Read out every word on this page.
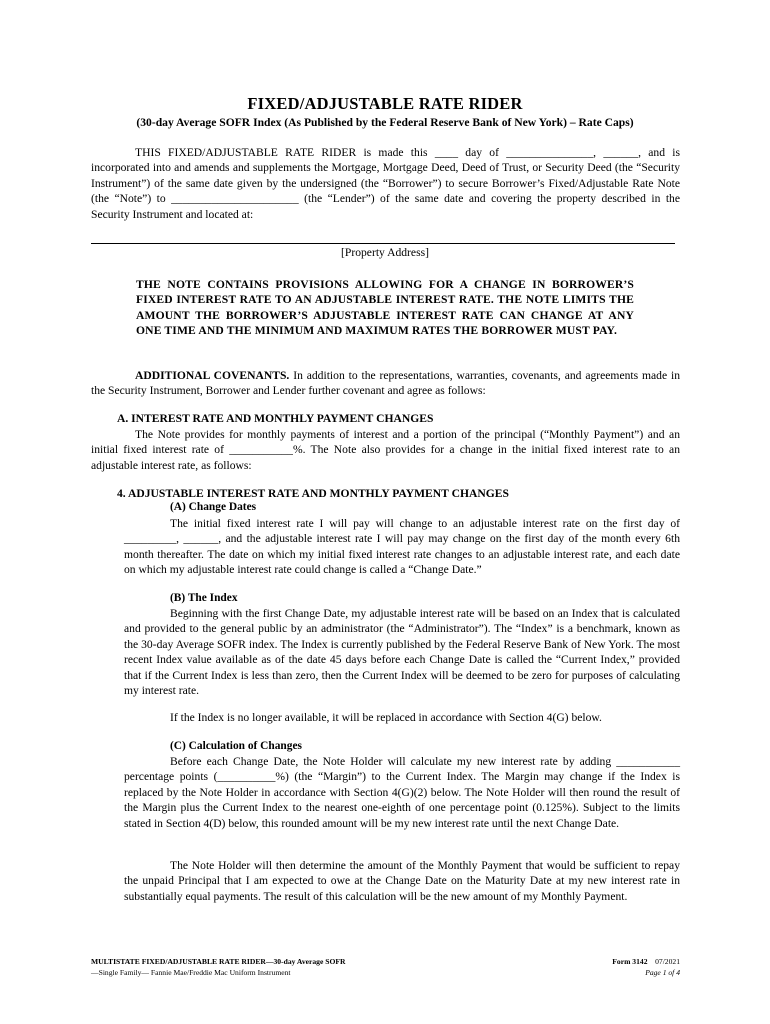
FIXED/ADJUSTABLE RATE RIDER
(30-day Average SOFR Index (As Published by the Federal Reserve Bank of New York) – Rate Caps)

THIS FIXED/ADJUSTABLE RATE RIDER is made this ____ day of _______________, ______, and is incorporated into and amends and supplements the Mortgage, Mortgage Deed, Deed of Trust, or Security Deed (the “Security Instrument”) of the same date given by the undersigned (the “Borrower”) to secure Borrower’s Fixed/Adjustable Rate Note (the “Note”) to ______________________ (the “Lender”) of the same date and covering the property described in the Security Instrument and located at:

[Property Address]

THE NOTE CONTAINS PROVISIONS ALLOWING FOR A CHANGE IN BORROWER’S FIXED INTEREST RATE TO AN ADJUSTABLE INTEREST RATE. THE NOTE LIMITS THE AMOUNT THE BORROWER’S ADJUSTABLE INTEREST RATE CAN CHANGE AT ANY ONE TIME AND THE MINIMUM AND MAXIMUM RATES THE BORROWER MUST PAY.

ADDITIONAL COVENANTS. In addition to the representations, warranties, covenants, and agreements made in the Security Instrument, Borrower and Lender further covenant and agree as follows:

A. INTEREST RATE AND MONTHLY PAYMENT CHANGES

The Note provides for monthly payments of interest and a portion of the principal (“Monthly Payment”) and an initial fixed interest rate of ___________%. The Note also provides for a change in the initial fixed interest rate to an adjustable interest rate, as follows:

4. ADJUSTABLE INTEREST RATE AND MONTHLY PAYMENT CHANGES
(A) Change Dates

The initial fixed interest rate I will pay will change to an adjustable interest rate on the first day of _________, ______, and the adjustable interest rate I will pay may change on the first day of the month every 6th month thereafter. The date on which my initial fixed interest rate changes to an adjustable interest rate, and each date on which my adjustable interest rate could change is called a “Change Date.”

(B) The Index

Beginning with the first Change Date, my adjustable interest rate will be based on an Index that is calculated and provided to the general public by an administrator (the “Administrator”). The “Index” is a benchmark, known as the 30-day Average SOFR index. The Index is currently published by the Federal Reserve Bank of New York. The most recent Index value available as of the date 45 days before each Change Date is called the “Current Index,” provided that if the Current Index is less than zero, then the Current Index will be deemed to be zero for purposes of calculating my interest rate.

If the Index is no longer available, it will be replaced in accordance with Section 4(G) below.

(C) Calculation of Changes

Before each Change Date, the Note Holder will calculate my new interest rate by adding ___________ percentage points (__________%) (the “Margin”) to the Current Index. The Margin may change if the Index is replaced by the Note Holder in accordance with Section 4(G)(2) below. The Note Holder will then round the result of the Margin plus the Current Index to the nearest one-eighth of one percentage point (0.125%). Subject to the limits stated in Section 4(D) below, this rounded amount will be my new interest rate until the next Change Date.

The Note Holder will then determine the amount of the Monthly Payment that would be sufficient to repay the unpaid Principal that I am expected to owe at the Change Date on the Maturity Date at my new interest rate in substantially equal payments. The result of this calculation will be the new amount of my Monthly Payment.

MULTISTATE FIXED/ADJUSTABLE RATE RIDER—30-day Average SOFR
—Single Family— Fannie Mae/Freddie Mac Uniform Instrument
Form 3142 07/2021
Page 1 of 4
